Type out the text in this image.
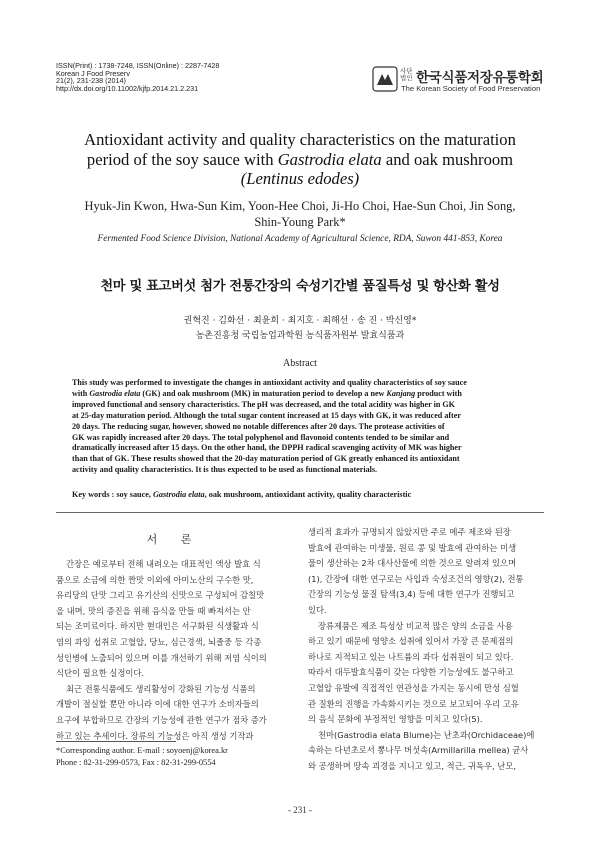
ISSN(Print) : 1738-7248, ISSN(Online) : 2287-7428
Korean J Food Preserv
21(2), 231-238 (2014)
http://dx.doi.org/10.11002/kjfp.2014.21.2.231
사단
법인 한국식품저장유통학회
The Korean Society of Food Preservation
Antioxidant activity and quality characteristics on the maturation
period of the soy sauce with Gastrodia elata and oak mushroom
(Lentinus edodes)
Hyuk-Jin Kwon, Hwa-Sun Kim, Yoon-Hee Choi, Ji-Ho Choi, Hae-Sun Choi, Jin Song,
Shin-Young Park*
Fermented Food Science Division, National Academy of Agricultural Science, RDA, Suwon 441-853, Korea
천마 및 표고버섯 첨가 전통간장의 숙성기간별 품질특성 및 항산화 활성
권혁진 · 김화선 · 최윤희 · 최지호 · 최해선 · 송 진 · 박신영*
농촌진흥청 국립농업과학원 농식품자원부 발효식품과
Abstract
This study was performed to investigate the changes in antioxidant activity and quality characteristics of soy sauce
with Gastrodia elata (GK) and oak mushroom (MK) in maturation period to develop a new Kanjang product with
improved functional and sensory characteristics. The pH was decreased, and the total acidity was higher in GK
at 25-day maturation period. Although the total sugar content increased at 15 days with GK, it was reduced after
20 days. The reducing sugar, however, showed no notable differences after 20 days. The protease activities of
GK was rapidly increased after 20 days. The total polyphenol and flavonoid contents tended to be similar and
dramatically increased after 15 days. On the other hand, the DPPH radical scavenging activity of MK was higher
than that of GK. These results showed that the 20-day maturation period of GK greatly enhanced its antioxidant
activity and quality characteristics. It is thus expected to be used as functional materials.
Key words : soy sauce, Gastrodia elata, oak mushroom, antioxidant activity, quality characteristic
서 론
간장은 예로부터 전해 내려오는 대표적인 액상 발효 식
품으로 소금에 의한 짠맛 이외에 아미노산의 구수한 맛,
유리당의 단맛 그리고 유기산의 신맛으로 구성되어 감칠맛
을 내며, 맛의 증진을 위해 음식을 만들 때 빠져서는 안
되는 조미료이다. 하지만 현대인은 서구화된 식생활과 식
염의 과잉 섭취로 고혈압, 당뇨, 심근경색, 뇌졸중 등 각종
성인병에 노출되어 있으며 이를 개선하기 위해 저염 식이의
식단이 필요한 실정이다.
최근 전통식품에도 생리활성이 강화된 기능성 식품의
개발이 절실할 뿐만 아니라 이에 대한 연구가 소비자들의
요구에 부합하므로 간장의 기능성에 관한 연구가 점차 증가
하고 있는 추세이다. 장류의 기능성은 아직 생성 기작과
생리적 효과가 규명되지 않았지만 주로 메주 제조와 된장
발효에 관여하는 미생물, 원료 콩 및 발효에 관여하는 미생
물이 생산하는 2차 대사산물에 의한 것으로 알려져 있으며
(1), 간장에 대한 연구로는 사입과 숙성조건의 영향(2), 전통
간장의 기능성 물질 탐색(3,4) 등에 대한 연구가 진행되고
있다.
장류제품은 제조 특성상 비교적 많은 양의 소금을 사용
하고 있기 때문에 영양소 섭취에 있어서 가장 큰 문제점의
하나로 지적되고 있는 나트륨의 과다 섭취원이 되고 있다.
따라서 대두발효식품이 갖는 다양한 기능성에도 불구하고
고혈압 유발에 직접적인 연관성을 가지는 동시에 만성 심혈
관 질환의 진행을 가속화시키는 것으로 보고되어 우리 고유
의 음식 문화에 부정적인 영향을 미치고 있다(5).
천마(Gastrodia elata Blume)는 난초과(Orchidaceae)에
속하는 다년초로서 뽕나무 버섯속(Armillarilla mellea) 균사
와 공생하며 땅속 괴경을 지니고 있고, 적근, 귀독우, 난모,
*Corresponding author. E-mail : soyoenj@korea.kr
Phone : 82-31-299-0573, Fax : 82-31-299-0554
- 231 -
